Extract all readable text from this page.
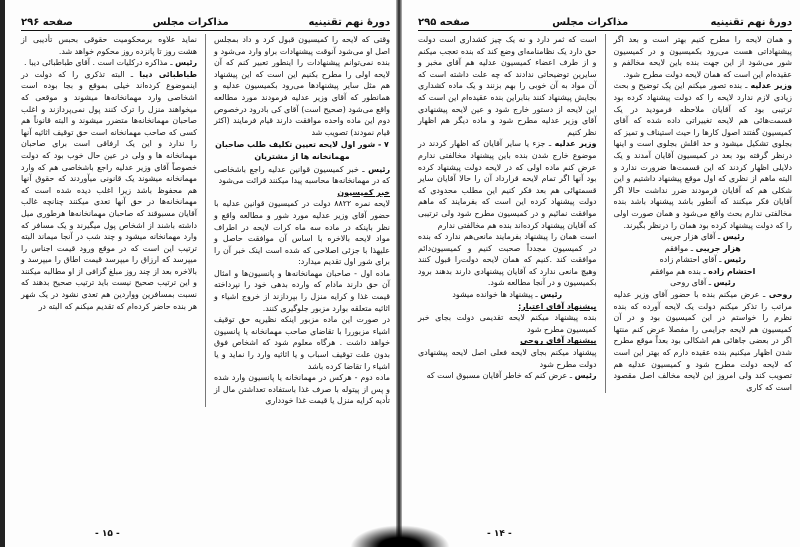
دورهٔ نهم تقنینیه
مذاکرات مجلس
صفحه ۲۹۶

وقتی که لایحه را کمیسیون قبول کرد و داد بمجلس اصل او می‌شود آنوقت پیشنهادات براو وارد می‌شود و بنده نمی‌توانم پیشنهادات را اینطور تعبیر کنم که آن لایحه اولی را مطرح بکنیم این است که این پیشنهاد هم مثل سایر پیشنهادها می‌رود بکمیسیون عدلیه و همانطور که آقای وزیر عدلیه فرمودند مورد مطالعه واقع می‌شود (صحیح است) آقای کی بادرود درخصوص دوم این ماده واحده موافقت دارند قیام فرمایند (اکثر قیام نمودند) تصویب شد

۷ - شور اول لایحه تعیین تکلیف طلب صاحبان مهمانخانه ها از مشتریان

رئیس ـ خبر کمیسیون قوانین عدلیه راجع باشخاصی که در مهمانخانه‌ها محاسبه پیدا میکنند قرائت می‌شود

خبر کمیسیون

لایحه نمره ۸۸۲۲ دولت در کمیسیون قوانین عدلیه با حضور آقای وزیر عدلیه مورد شور و مطالعه واقع و نظر باینکه در ماده سه ماه کرات لایحه در اطراف مواد لایحه بالاخره با اساس آن موافقت حاصل و علیهذا با جزئی اصلاحی که شده است اینک خبر آن را برای شور اول تقدیم میدارد:

ماده اول - صاحبان مهمانخانه‌ها و پانسیون‌ها و امثال آن حق دارند مادام که وارده بدهی خود را نپرداخته قیمت غذا و کرایه منزل را بپردازند از خروج اشیاء و اثاثیه متعلقه بوارد مزبور جلوگیری کنند.

در صورت این ماده مزبور اینکه نظیریه حق توقیف اشیاء مزبوررا با تقاضای صاحب مهمانخانه یا پانسیون خواهد داشت . هرگاه معلوم شود که اشخاص فوق بدون علت توقیف اسباب و یا اثاثیه وارد را نماید و یا اشیاء را تقاضا کرده باشد

ماده دوم - هرکس در مهمانخانه یا پانسیون وارد شده و پس از پیتوله با صرف غذا باستفاده تعداشتن مال از تأدیه کرایه منزل یا قیمت غذا خودداری

نماید علاوه برمحکومیت حقوقی بحبس تأدیبی از هشت روز تا پانزده روز محکوم خواهد شد.

رئیس ـ مذاکره درکلیات است . آقای طباطبائی دیبا .

طباطبائی دیبا ـ البته تذکری را که دولت در اینموضوع کرده‌اند خیلی بموقع و بجا بوده است اشخاصی وارد مهمانخانه‌ها میشوند و موقعی که میخواهند منزل را ترک کنند پول نمی‌پردازند و اغلب صاحبان مهمانخانه‌ها متضرر میشوند و البته قانوناً هم کسی که صاحب مهمانخانه است حق توقیف اثاثیه آنها را ندارد و این یک ارفاقی است برای صاحبان مهمانخانه ها و ولی در عین حال خوب بود که دولت خصوصاً آقای وزیر عدلیه راجع باشخاصی هم که وارد مهمانخانه میشوند یک قانونی میآوردند که حقوق آنها هم محفوظ باشد زیرا اغلب دیده شده است که مهمانخانه‌ها در حق آنها تعدی میکنند چنانچه غالب آقایان مسبوقند که صاحبان مهمانخانه‌ها هرطوری میل داشته باشند از اشخاص پول میگیرند و یک مسافر که وارد مهمانخانه میشود و چند شب در آنجا میماند البته ترتیب این است که در موقع ورود قیمت اجناس را میپرسد که ارزاق را میپرسد قیمت اطاق را میپرسد و بالاخره بعد از چند روز مبلغ گزافی از او مطالبه میکنند و این ترتیب صحیح نیست باید ترتیب صحیح بدهند که نسبت بمسافرین وواردین هم تعدی نشود در یک شهر هر بنده حاضر کرده‌ام که تقدیم میکنم که البته در

- ۱۵ -
دورهٔ نهم تقنینیه
مذاکرات مجلس
صفحه ۲۹۵

و همان لایحه را مطرح کنیم بهتر است و بعد اگر پیشنهاداتی هست می‌رود بکمیسیون و در کمیسیون شور می‌شود از این جهت بنده باین لایحه مخالفم و عقیده‌ام این است که همان لایحه دولت مطرح شود.

وزیر عدلیه ـ بنده تصور میکنم این یک توضیح و بحث زیادی لازم ندارد لایحه را که دولت پیشنهاد کرده بود ترتیبی بود که آقایان ملاحظه فرمودید در یک قسمت‌هائی هم لایحه تغییراتی داده شده که آقای کمیسیون گفتند اصول کارها را حیث استیناف و تمیز که بجلوی تشکیل میشود و حد اقلش بجلوی است و اینها درنظر گرفته بود بعد در کمیسیون آقایان آمدند و یک دلایلی اظهار کردند که این قسمت‌ها ضرورت ندارد و البته ماهم از نظری که اول موقع پیشنهاد داشتیم و این شکلی هم که آقایان فرمودند ضرر نداشت حالا اگر آقایان فکر میکنند که آنطور باشد پیشنهاد باشد بنده مخالفتی ندارم بحث واقع می‌شود و همان صورت اولی را که دولت پیشنهاد کرده بود همان را درنظر بگیرند.

رئیس ـ آقای هزار جریبی

هزار جریبی ـ موافقم

رئیس ـ آقای احتشام زاده

احتشام زاده ـ بنده هم موافقم

رئیس ـ آقای روحی

روحی ـ عرض میکنم بنده با حضور آقای وزیر عدلیه مراتب را تذکر میکنم دولت یک لایحه آورده که بنده نظرم را خواستم در این کمیسیون بود و در آن کمیسیون هم لایحه جرایمی را مفصلا عرض کنم منتها اگر در بعضی جاهائی هم اشکالی بود بعداً موقع مطرح شدن اظهار میکنیم بنده عقیده دارم که بهتر این است که لایحه دولت مطرح شود و کمیسیون عدلیه هم تصویب کند ولی امروز این لایحه مخالف اصل مقصود است که کاری

است که ثمر دارد و نه یک چیز کشداری است دولت حق دارد یک نظامنامه‌ای وضع کند که بنده تعجب میکنم و از طرف اعضاء کمیسیون عدلیه هم آقای مخبر و سایرین توضیحاتی ندادند که چه علت داشته است که آن مواد به آن خوبی را بهم بزنند و یک ماده کشداری بجایش پیشنهاد کنند بنابراین بنده عقیده‌ام این است که این لایحه از دستور خارج شود و عین لایحه پیشنهادی آقای وزیر عدلیه مطرح شود و ماده دیگر هم اظهار نظر کنیم

وزیر عدلیه ـ جزء یا سایر آقایان که اظهار کردند در موضوع خارج شدن بنده باین پیشنهاد مخالفتی ندارم عرض کنم ماده اولی که در لایحه دولت پیشنهاد کرده بود آنها اگر تمام لایحه قرارداد آن را حالا آقایان سایر قسمتهائی هم بعد فکر کنیم این مطلب محدودی که دولت پیشنهاد کرده این است که بفرمایند که ماهم موافقت نمائیم و در کمیسیون مطرح شود ولی ترتیبی که آقایان پیشنهاد کرده‌اند بنده هم مخالفتی ندارم

است همان را پیشنهاد بفرمایند مانعی‌هم ندارد که بنده در کمیسیون مجدداً صحبت کنیم و کمیسیون‌دائم موافقت کند .کنیم که همان لایحه دولت‌را قبول کنند وهیچ مانعی ندارد که آقایان پیشنهادی دارند بدهند برود بکمیسیون و در آنجا مطالعه شود.

رئیس ـ پیشنهاد ها خوانده میشود

پیشنهاد آقای اعتبار:

بنده پیشنهاد میکنم لایحه تقدیمی دولت بجای خبر کمیسیون مطرح شود

پیشنهاد آقای روحی

پیشنهاد میکنم بجای لایحه فعلی اصل لایحه پیشنهادی دولت مطرح شود

رئیس ـ عرض کنم که خاطر آقایان مسبوق است که

- ۱۴ -
